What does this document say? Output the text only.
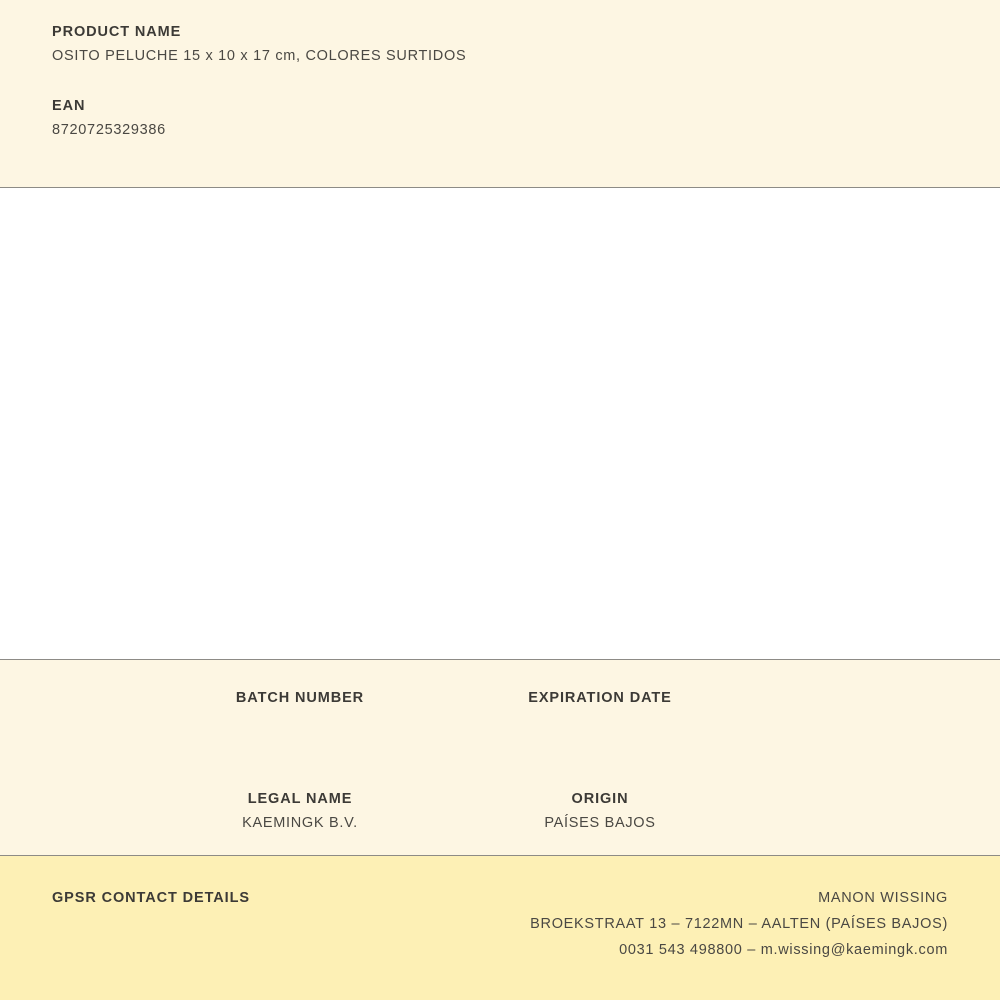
PRODUCT NAME

OSITO PELUCHE 15 x 10 x 17 cm, COLORES SURTIDOS

EAN

8720725329386

BATCH NUMBER	EXPIRATION DATE

LEGAL NAME

KAEMINGK B.V.

ORIGIN

PAÍSES BAJOS

GPSR CONTACT DETAILS	MANON WISSING

BROEKSTRAAT 13 – 7122MN – AALTEN (PAÍSES BAJOS)

0031 543 498800 – m.wissing@kaemingk.com
